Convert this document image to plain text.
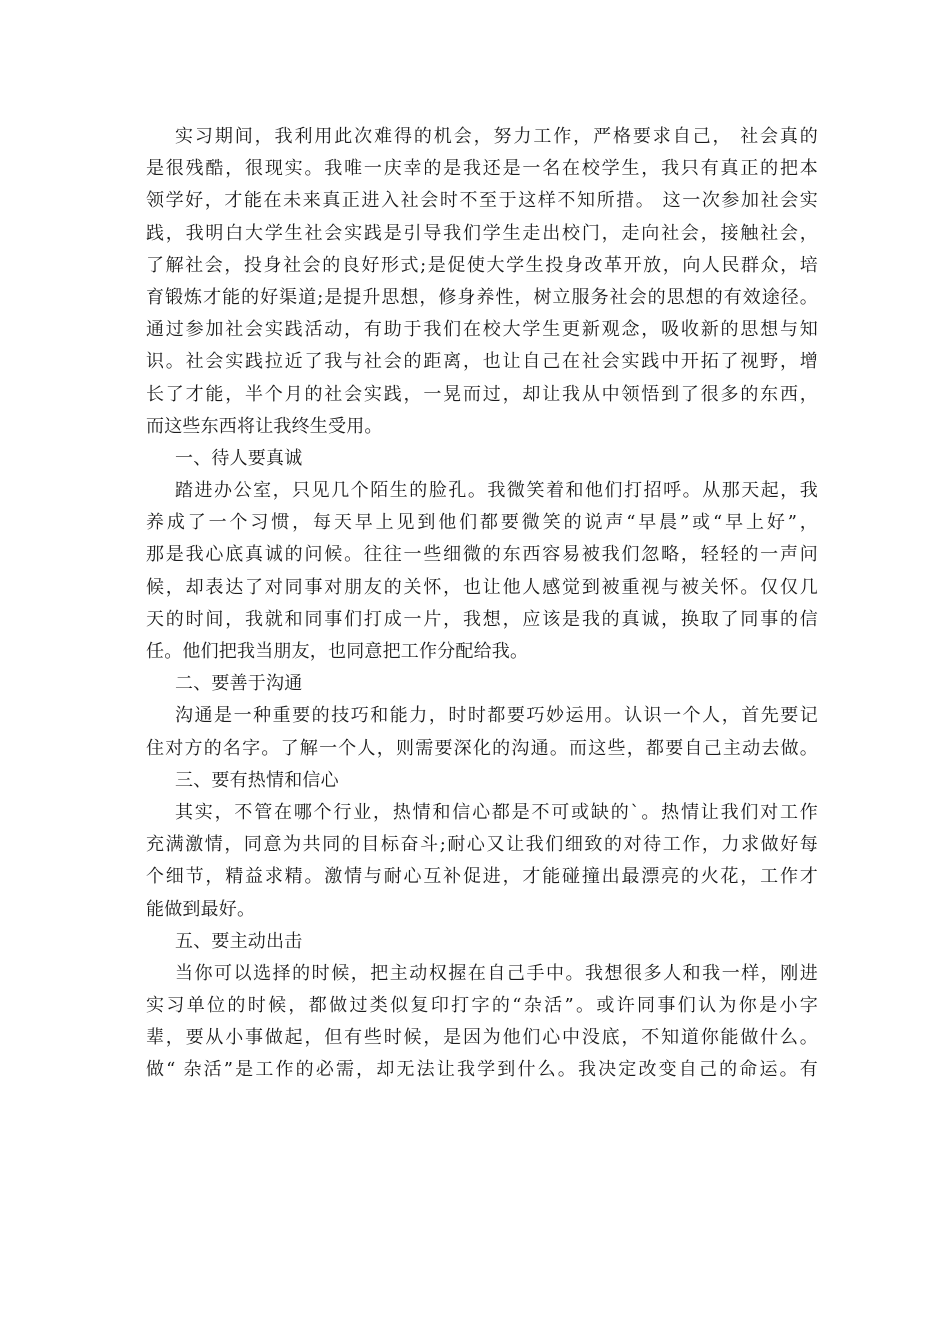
实习期间，我利用此次难得的机会，努力工作，严格要求自己， 社会真的
是很残酷，很现实。我唯一庆幸的是我还是一名在校学生，我只有真正的把本
领学好，才能在未来真正进入社会时不至于这样不知所措。 这一次参加社会实
践，我明白大学生社会实践是引导我们学生走出校门，走向社会，接触社会，
了解社会，投身社会的良好形式;是促使大学生投身改革开放，向人民群众，培
育锻炼才能的好渠道;是提升思想，修身养性，树立服务社会的思想的有效途径。
通过参加社会实践活动，有助于我们在校大学生更新观念，吸收新的思想与知
识。社会实践拉近了我与社会的距离，也让自己在社会实践中开拓了视野，增
长了才能，半个月的社会实践，一晃而过，却让我从中领悟到了很多的东西，
而这些东西将让我终生受用。
一、待人要真诚
踏进办公室，只见几个陌生的脸孔。我微笑着和他们打招呼。从那天起，我
养成了一个习惯，每天早上见到他们都要微笑的说声“早晨”或“早上好”，
那是我心底真诚的问候。往往一些细微的东西容易被我们忽略，轻轻的一声问
候，却表达了对同事对朋友的关怀，也让他人感觉到被重视与被关怀。仅仅几
天的时间，我就和同事们打成一片，我想，应该是我的真诚，换取了同事的信
任。他们把我当朋友，也同意把工作分配给我。
二、要善于沟通
沟通是一种重要的技巧和能力，时时都要巧妙运用。认识一个人，首先要记
住对方的名字。了解一个人，则需要深化的沟通。而这些，都要自己主动去做。
三、要有热情和信心
其实，不管在哪个行业，热情和信心都是不可或缺的`。热情让我们对工作
充满激情，同意为共同的目标奋斗;耐心又让我们细致的对待工作，力求做好每
个细节，精益求精。激情与耐心互补促进，才能碰撞出最漂亮的火花，工作才
能做到最好。
五、要主动出击
当你可以选择的时候，把主动权握在自己手中。我想很多人和我一样，刚进
实习单位的时候，都做过类似复印打字的“杂活”。或许同事们认为你是小字
辈，要从小事做起，但有些时候，是因为他们心中没底，不知道你能做什么。
做“ 杂活”是工作的必需，却无法让我学到什么。我决定改变自己的命运。有
